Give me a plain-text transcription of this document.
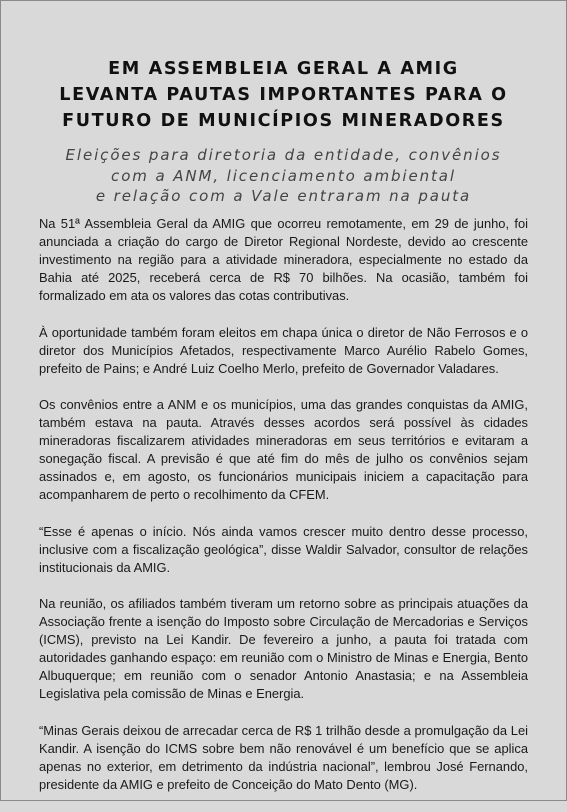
EM ASSEMBLEIA GERAL A AMIG
LEVANTA PAUTAS IMPORTANTES PARA O
FUTURO DE MUNICÍPIOS MINERADORES
Eleições para diretoria da entidade, convênios
com a ANM, licenciamento ambiental
e relação com a Vale entraram na pauta

Na 51ª Assembleia Geral da AMIG que ocorreu remotamente, em 29 de junho, foi anunciada a criação do cargo de Diretor Regional Nordeste, devido ao crescente investimento na região para a atividade mineradora, especialmente no estado da Bahia até 2025, receberá cerca de R$ 70 bilhões. Na ocasião, também foi formalizado em ata os valores das cotas contributivas.

À oportunidade também foram eleitos em chapa única o diretor de Não Ferrosos e o diretor dos Municípios Afetados, respectivamente Marco Aurélio Rabelo Gomes, prefeito de Pains; e André Luiz Coelho Merlo, prefeito de Governador Valadares.

Os convênios entre a ANM e os municípios, uma das grandes conquistas da AMIG, também estava na pauta. Através desses acordos será possível às cidades mineradoras fiscalizarem atividades mineradoras em seus territórios e evitaram a sonegação fiscal. A previsão é que até fim do mês de julho os convênios sejam assinados e, em agosto, os funcionários municipais iniciem a capacitação para acompanharem de perto o recolhimento da CFEM.

“Esse é apenas o início. Nós ainda vamos crescer muito dentro desse processo, inclusive com a fiscalização geológica”, disse Waldir Salvador, consultor de relações institucionais da AMIG.

Na reunião, os afiliados também tiveram um retorno sobre as principais atuações da Associação frente a isenção do Imposto sobre Circulação de Mercadorias e Serviços (ICMS), previsto na Lei Kandir. De fevereiro a junho, a pauta foi tratada com autoridades ganhando espaço: em reunião com o Ministro de Minas e Energia, Bento Albuquerque; em reunião com o senador Antonio Anastasia; e na Assembleia Legislativa pela comissão de Minas e Energia.

“Minas Gerais deixou de arrecadar cerca de R$ 1 trilhão desde a promulgação da Lei Kandir. A isenção do ICMS sobre bem não renovável é um benefício que se aplica apenas no exterior, em detrimento da indústria nacional”, lembrou José Fernando, presidente da AMIG e prefeito de Conceição do Mato Dento (MG).
